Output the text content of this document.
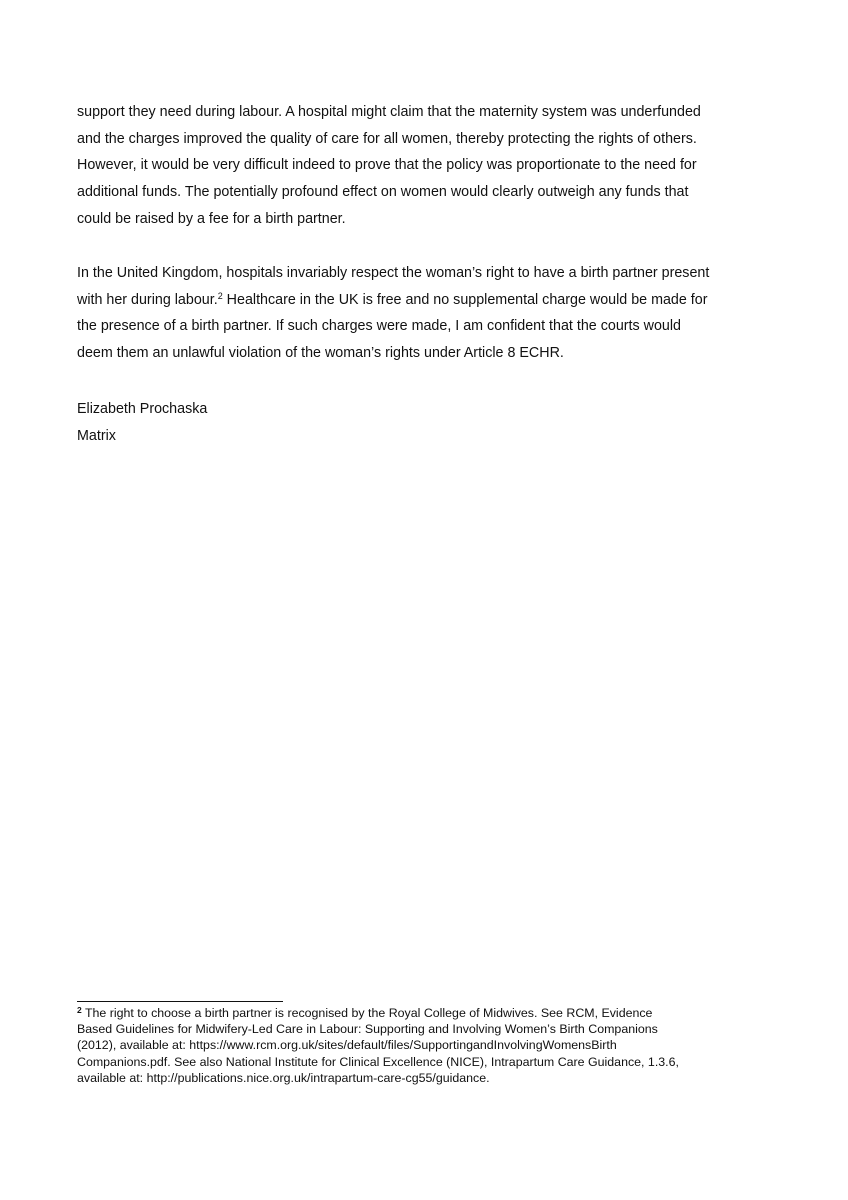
support they need during labour. A hospital might claim that the maternity system was underfunded
and the charges improved the quality of care for all women, thereby protecting the rights of others.
However, it would be very difficult indeed to prove that the policy was proportionate to the need for
additional funds. The potentially profound effect on women would clearly outweigh any funds that
could be raised by a fee for a birth partner.

In the United Kingdom, hospitals invariably respect the woman’s right to have a birth partner present
with her during labour.$^2$ Healthcare in the UK is free and no supplemental charge would be made for
the presence of a birth partner. If such charges were made, I am confident that the courts would
deem them an unlawful violation of the woman’s rights under Article 8 ECHR.

Elizabeth Prochaska
Matrix
$^2$ The right to choose a birth partner is recognised by the Royal College of Midwives. See RCM, Evidence
Based Guidelines for Midwifery-Led Care in Labour: Supporting and Involving Women’s Birth Companions
(2012), available at: https://www.rcm.org.uk/sites/default/files/SupportingandInvolvingWomensBirth
Companions.pdf. See also National Institute for Clinical Excellence (NICE), Intrapartum Care Guidance, 1.3.6,
available at: http://publications.nice.org.uk/intrapartum-care-cg55/guidance.
